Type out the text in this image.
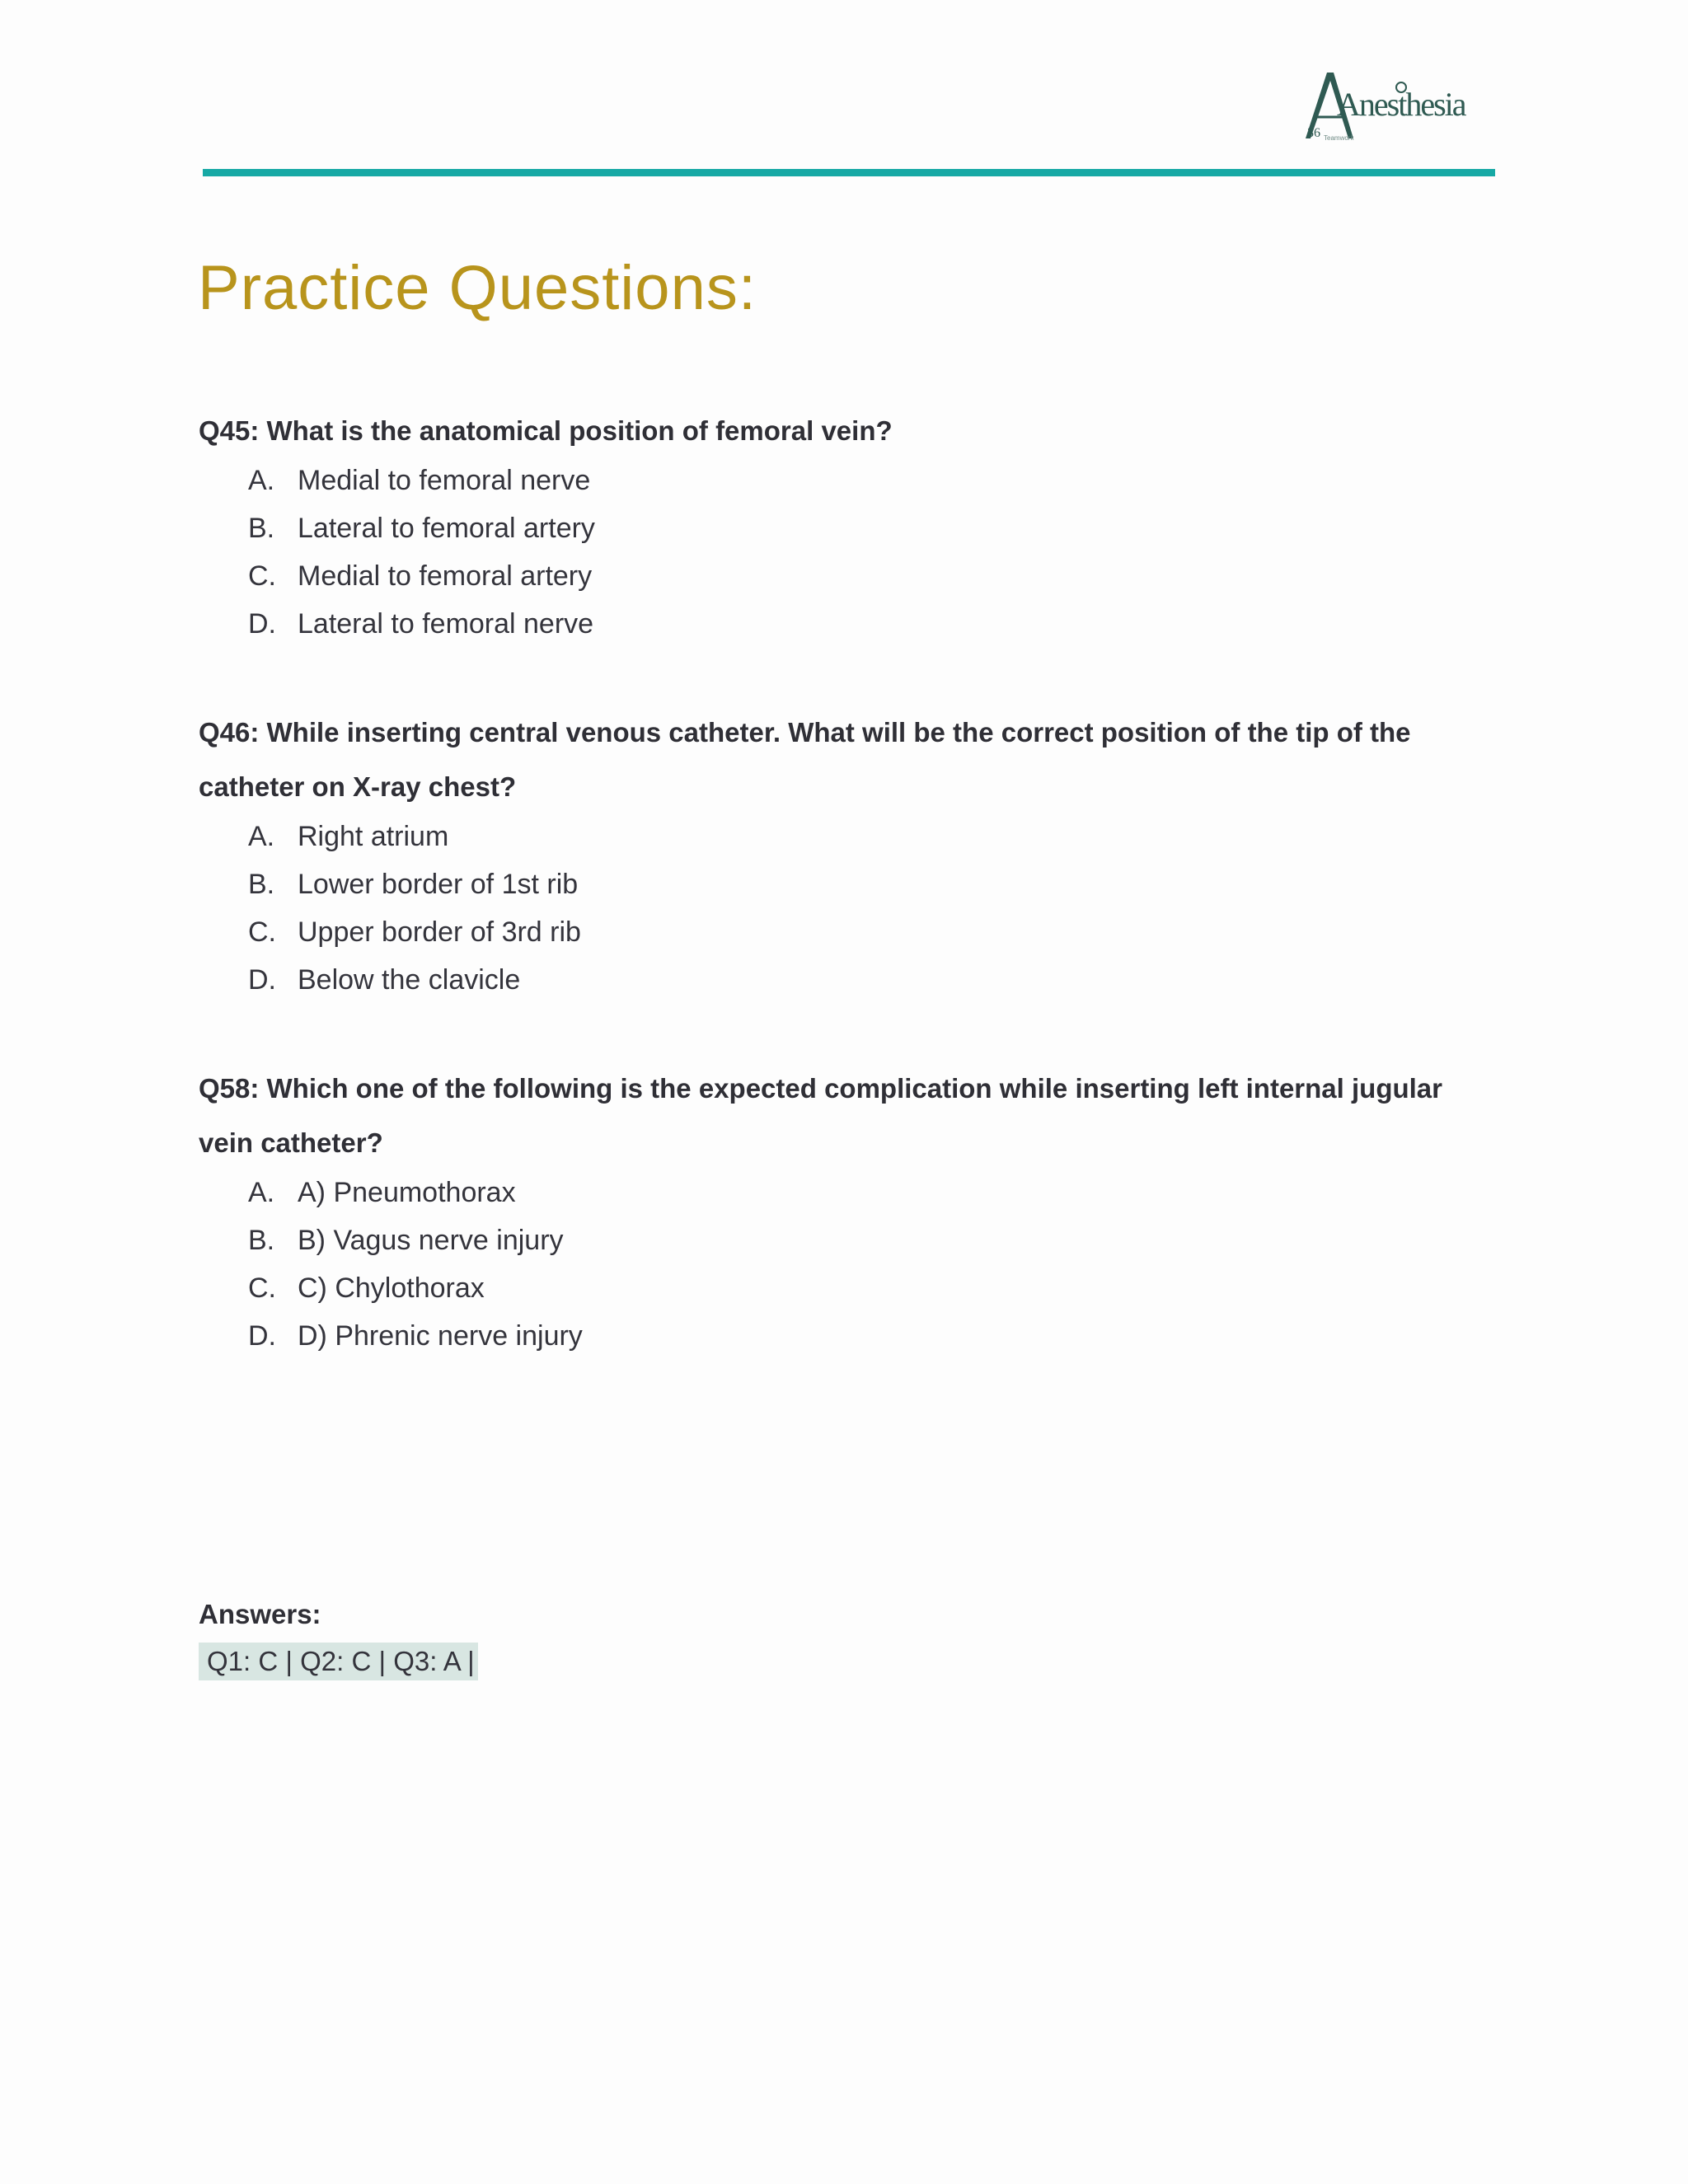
Anesthesia
36 Teamwork
Practice Questions:

Q45: What is the anatomical position of femoral vein?

A. Medial to femoral nerve
B. Lateral to femoral artery
C. Medial to femoral artery
D. Lateral to femoral nerve

Q46: While inserting central venous catheter. What will be the correct position of the tip of the catheter on X-ray chest?

A. Right atrium
B. Lower border of 1st rib
C. Upper border of 3rd rib
D. Below the clavicle

Q58: Which one of the following is the expected complication while inserting left internal jugular vein catheter?

A. A) Pneumothorax
B. B) Vagus nerve injury
C. C) Chylothorax
D. D) Phrenic nerve injury

Answers:

Q1: C | Q2: C | Q3: A |
